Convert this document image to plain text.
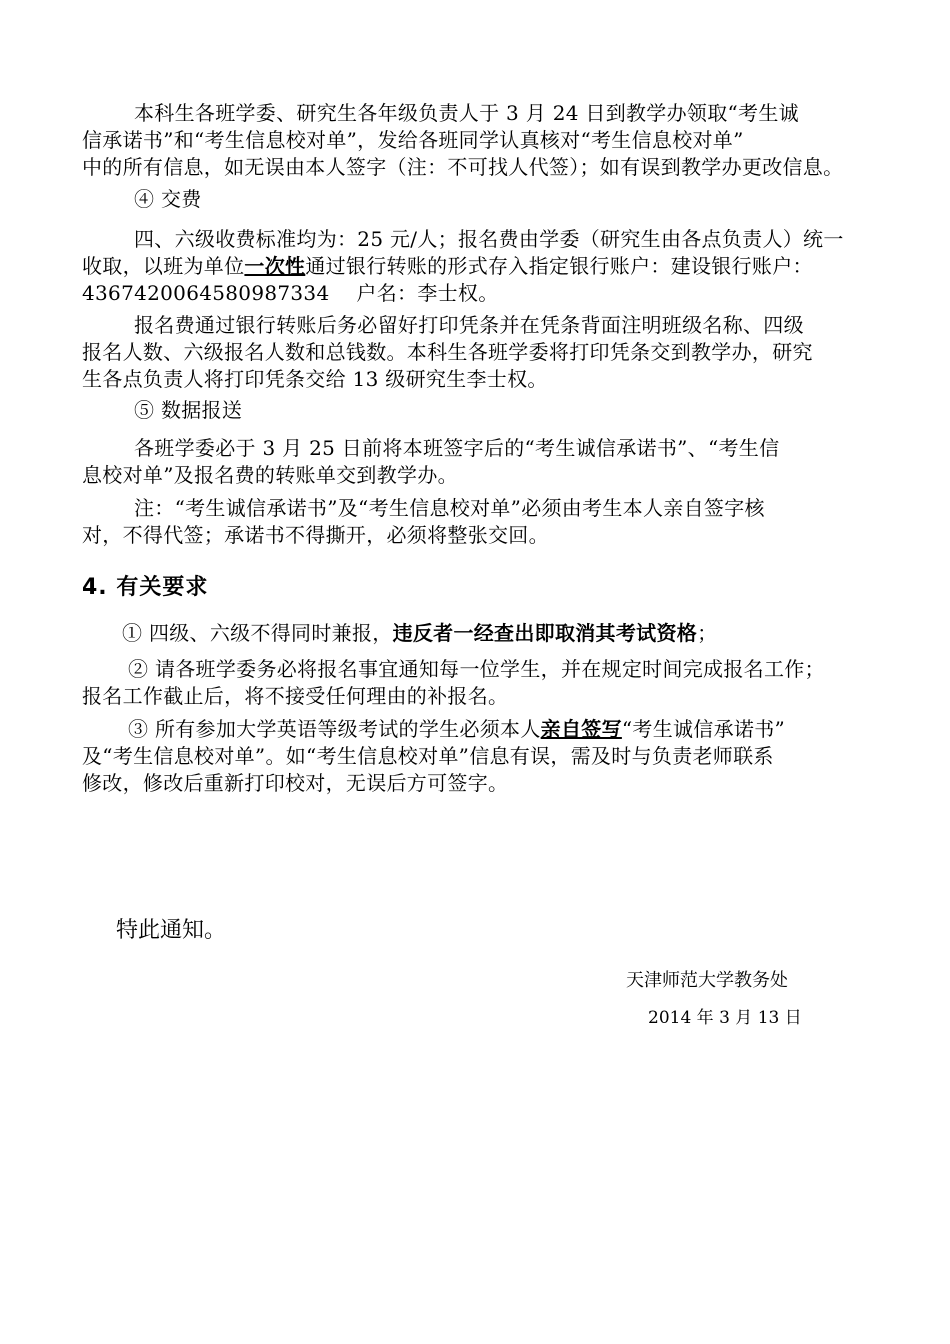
本科生各班学委、研究生各年级负责人于 3 月 24 日到教学办领取“考生诚
信承诺书”和“考生信息校对单”，发给各班同学认真核对“考生信息校对单”
中的所有信息，如无误由本人签字（注：不可找人代签）；如有误到教学办更改信息。
④ 交费
四、六级收费标准均为：25 元/人；报名费由学委（研究生由各点负责人）统一
收取，以班为单位一次性通过银行转账的形式存入指定银行账户：建设银行账户：
4367420064580987334　 户名：李士权。
报名费通过银行转账后务必留好打印凭条并在凭条背面注明班级名称、四级
报名人数、六级报名人数和总钱数。本科生各班学委将打印凭条交到教学办，研究
生各点负责人将打印凭条交给 13 级研究生李士权。
⑤ 数据报送
各班学委必于 3 月 25 日前将本班签字后的“考生诚信承诺书”、“考生信
息校对单”及报名费的转账单交到教学办。
注：“考生诚信承诺书”及“考生信息校对单”必须由考生本人亲自签字核
对，不得代签；承诺书不得撕开，必须将整张交回。
4. 有关要求
① 四级、六级不得同时兼报，违反者一经查出即取消其考试资格；
② 请各班学委务必将报名事宜通知每一位学生，并在规定时间完成报名工作；
报名工作截止后，将不接受任何理由的补报名。
③ 所有参加大学英语等级考试的学生必须本人亲自签写“考生诚信承诺书”
及“考生信息校对单”。如“考生信息校对单”信息有误，需及时与负责老师联系
修改，修改后重新打印校对，无误后方可签字。
特此通知。
天津师范大学教务处
2014 年 3 月 13 日
